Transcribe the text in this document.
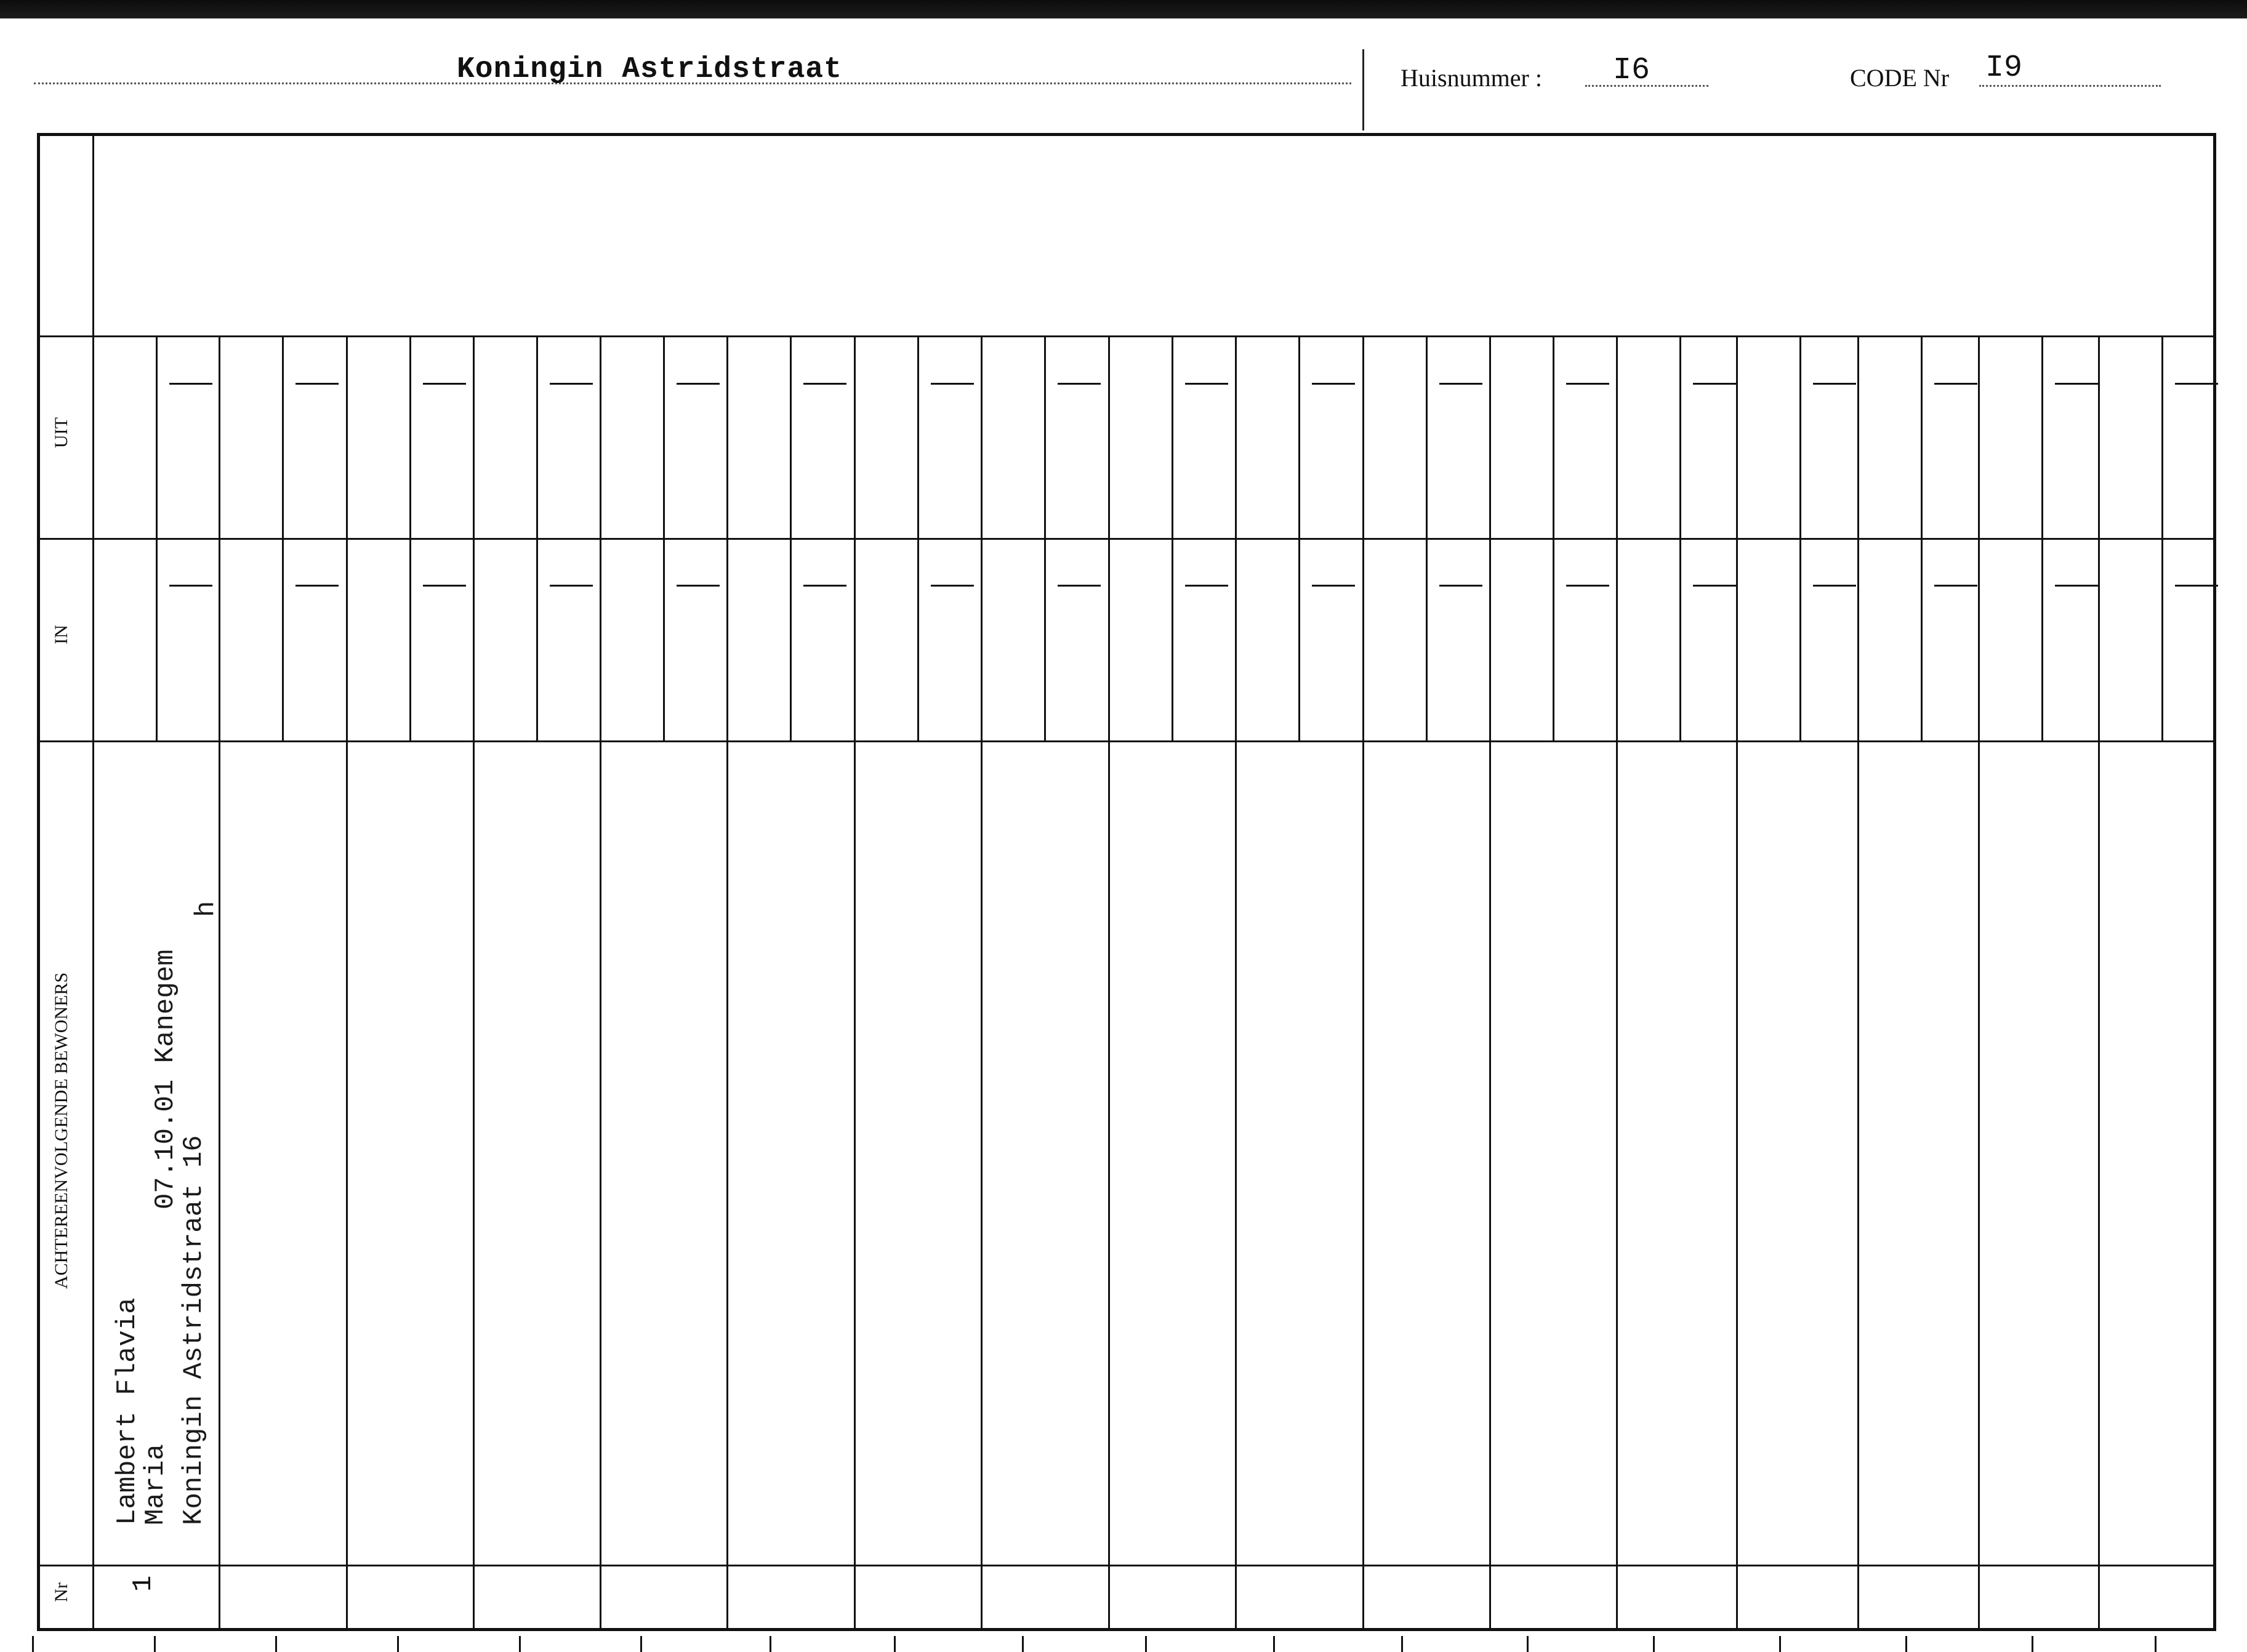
Koningin Astridstraat	Huisnummer : I6	CODE Nr I9
UIT
IN
ACHTEREENVOLGENDE BEWONERS
Nr
Lambert Flavia
Maria
07.10.01 Kanegem
Koningin Astridstraat 16
h
1
